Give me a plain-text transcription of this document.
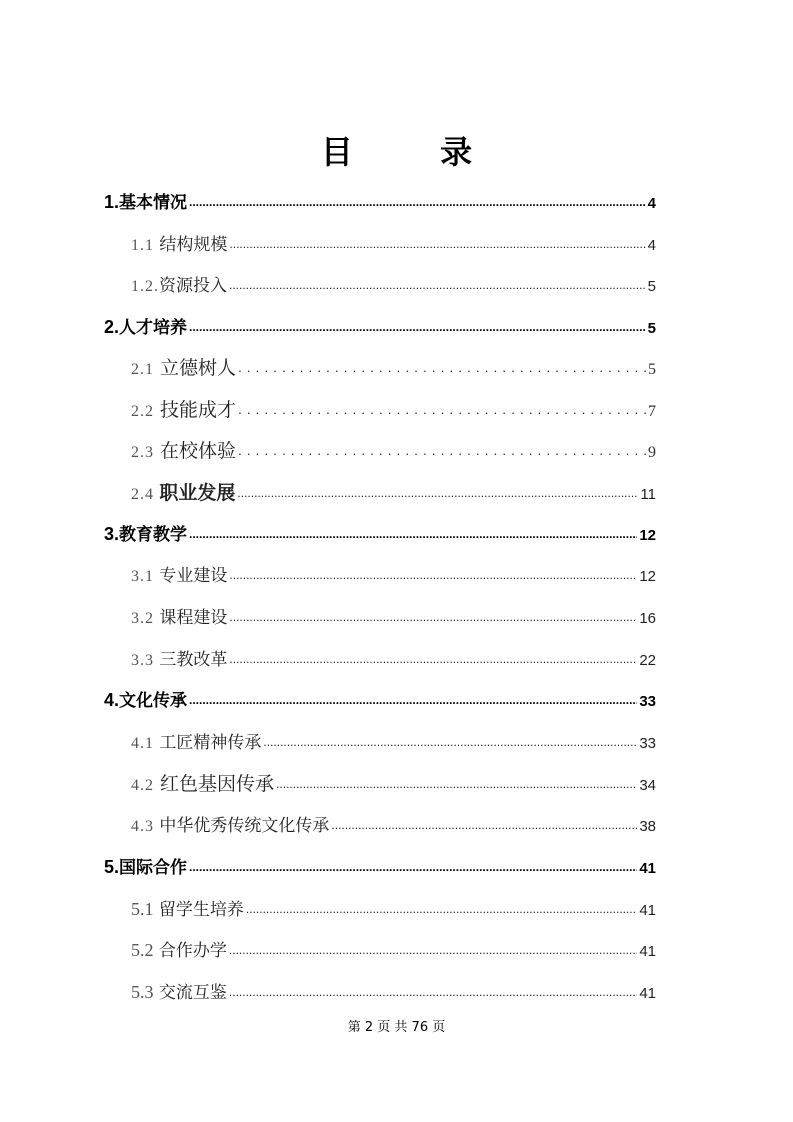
目 录
1.基本情况 .....	4
1.1 结构规模 .....	4
1.2.资源投入 .....	5
2.人才培养 .....	5
2.1 立德树人 .....	5
2.2 技能成才 .....	7
2.3 在校体验 .....	9
2.4 职业发展 .....	11
3.教育教学 .....	12
3.1 专业建设 .....	12
3.2 课程建设 .....	16
3.3 三教改革 .....	22
4.文化传承 .....	33
4.1 工匠精神传承 .....	33
4.2 红色基因传承 .....	34
4.3 中华优秀传统文化传承 .....	38
5.国际合作 .....	41
5.1 留学生培养 .....	41
5.2 合作办学 .....	41
5.3 交流互鉴 .....	41
第 2 页 共 76 页
